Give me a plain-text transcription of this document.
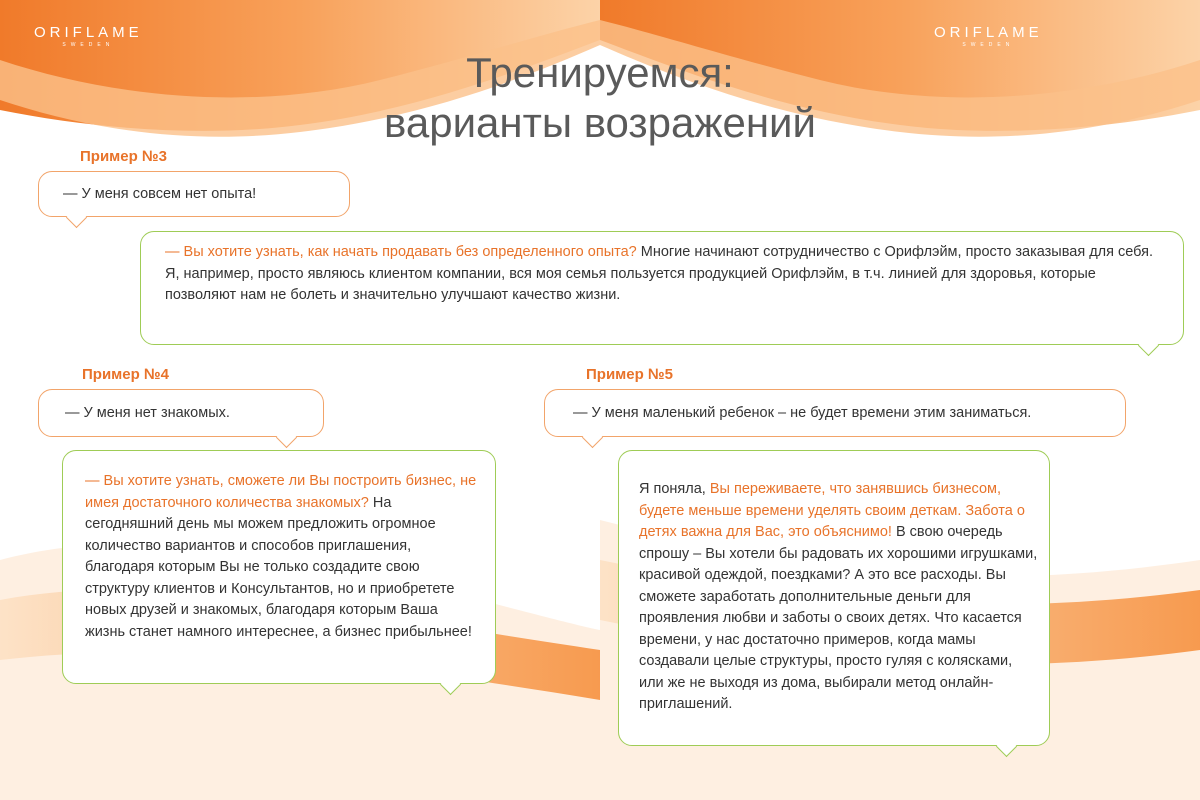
ORIFLAME
SWEDEN
ORIFLAME
SWEDEN
Тренируемся:
варианты возражений
Пример №3
— У меня совсем нет опыта!
— Вы хотите узнать, как начать продавать без определенного опыта? Многие начинают сотрудничество с Орифлэйм, просто заказывая для себя. Я, например, просто являюсь клиентом компании, вся моя семья пользуется продукцией Орифлэйм, в т.ч. линией для здоровья, которые позволяют нам не болеть и значительно улучшают качество жизни.
Пример №4
— У меня нет знакомых.
— Вы хотите узнать, сможете ли Вы построить бизнес, не имея достаточного количества знакомых? На сегодняшний день мы можем предложить огромное количество вариантов и способов приглашения, благодаря которым Вы не только создадите свою структуру клиентов и Консультантов, но и приобретете новых друзей и знакомых, благодаря которым Ваша жизнь станет намного интереснее, а бизнес прибыльнее!
Пример №5
— У меня маленький ребенок – не будет времени этим заниматься.
Я поняла, Вы переживаете, что занявшись бизнесом, будете меньше времени уделять своим деткам. Забота о детях важна для Вас, это объяснимо! В свою очередь спрошу – Вы хотели бы радовать их хорошими игрушками, красивой одеждой, поездками? А это все расходы. Вы сможете заработать дополнительные деньги для проявления любви и заботы о своих детях. Что касается времени, у нас достаточно примеров, когда мамы создавали целые структуры, просто гуляя с колясками, или же не выходя из дома, выбирали метод онлайн-приглашений.
